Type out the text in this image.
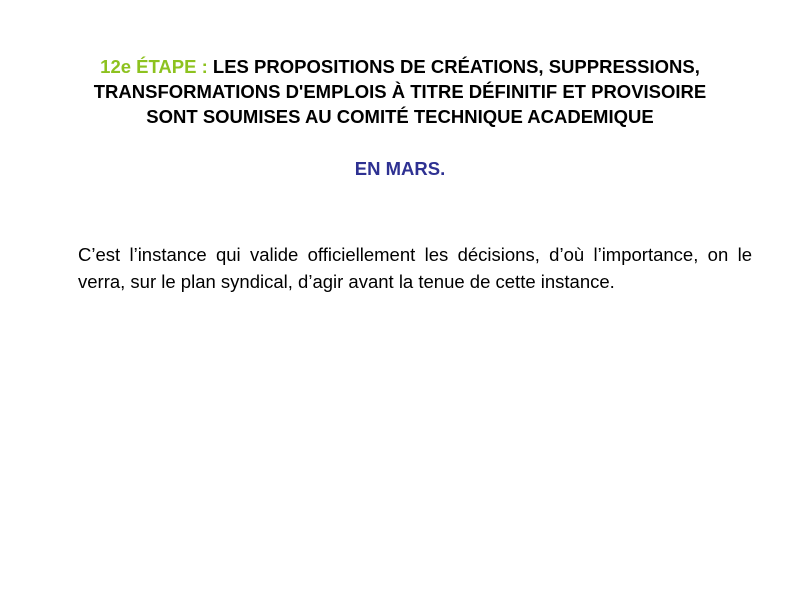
12e ÉTAPE : LES PROPOSITIONS DE CRÉATIONS, SUPPRESSIONS,
TRANSFORMATIONS D'EMPLOIS À TITRE DÉFINITIF ET PROVISOIRE
SONT SOUMISES AU COMITÉ TECHNIQUE ACADEMIQUE
EN MARS.
C’est l’instance qui valide officiellement les décisions, d’où l’importance, on le verra, sur le plan syndical, d’agir avant la tenue de cette instance.
